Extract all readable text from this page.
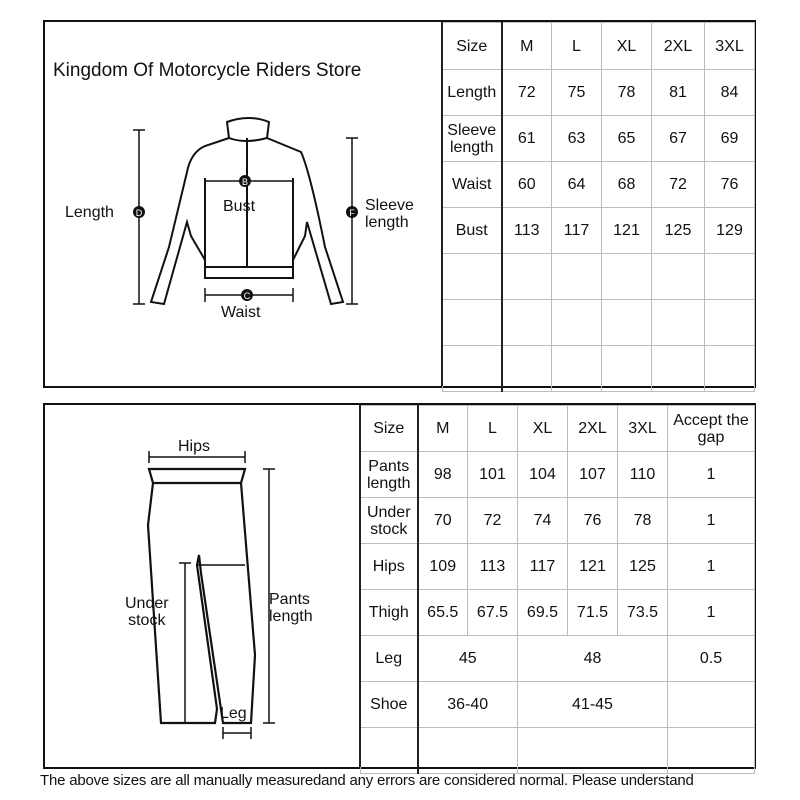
D
B
C
F
Kingdom Of Motorcycle Riders Store
Length	Bust
Waist
Sleeve
length
Size	M	L	XL	2XL	3XL
Length	72	75	78	81	84
Sleeve length	61	63	65	67	69
Waist	60	64	68	72	76
Bust	113	117	121	125	129

Hips
Under
stock
Pants
length
Leg
Size	M	L	XL	2XL	3XL	Accept the gap
Pants length	98	101	104	107	110	1
Under stock	70	72	74	76	78	1
Hips	109	113	117	121	125	1
Thigh	65.5	67.5	69.5	71.5	73.5	1
Leg	45		48			0.5
Shoe	36-40		41-45			

The above sizes are all manually measuredand any errors are considered normal. Please understand
